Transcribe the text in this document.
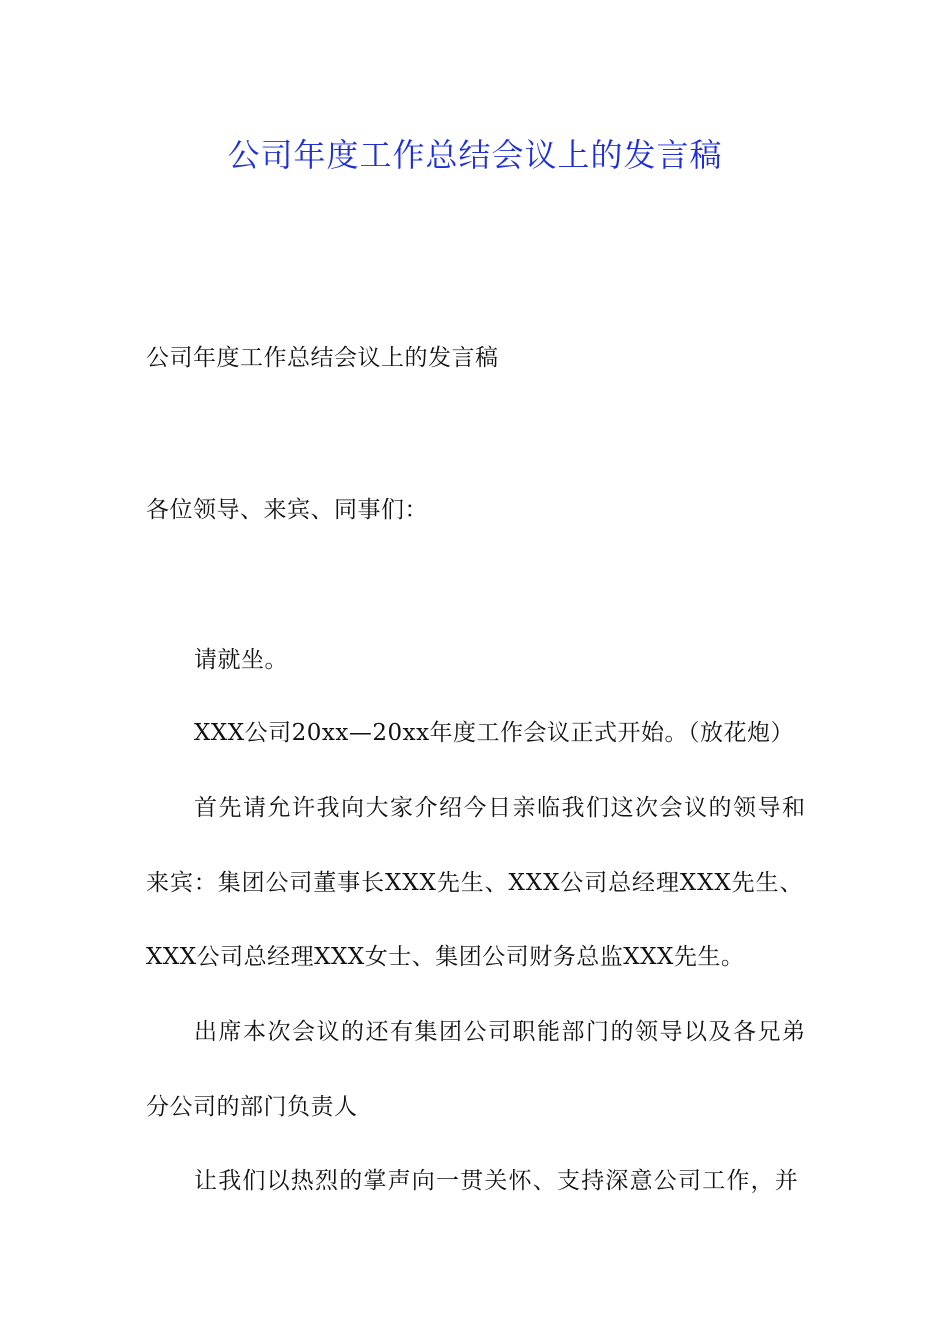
公司年度工作总结会议上的发言稿
公司年度工作总结会议上的发言稿
各位领导、来宾、同事们：
请就坐。
XXX公司20xx—20xx年度工作会议正式开始。（放花炮）
首先请允许我向大家介绍今日亲临我们这次会议的领导和
来宾：集团公司董事长XXX先生、XXX公司总经理XXX先生、
XXX公司总经理XXX女士、集团公司财务总监XXX先生。
出席本次会议的还有集团公司职能部门的领导以及各兄弟
分公司的部门负责人
让我们以热烈的掌声向一贯关怀、支持深意公司工作，并
